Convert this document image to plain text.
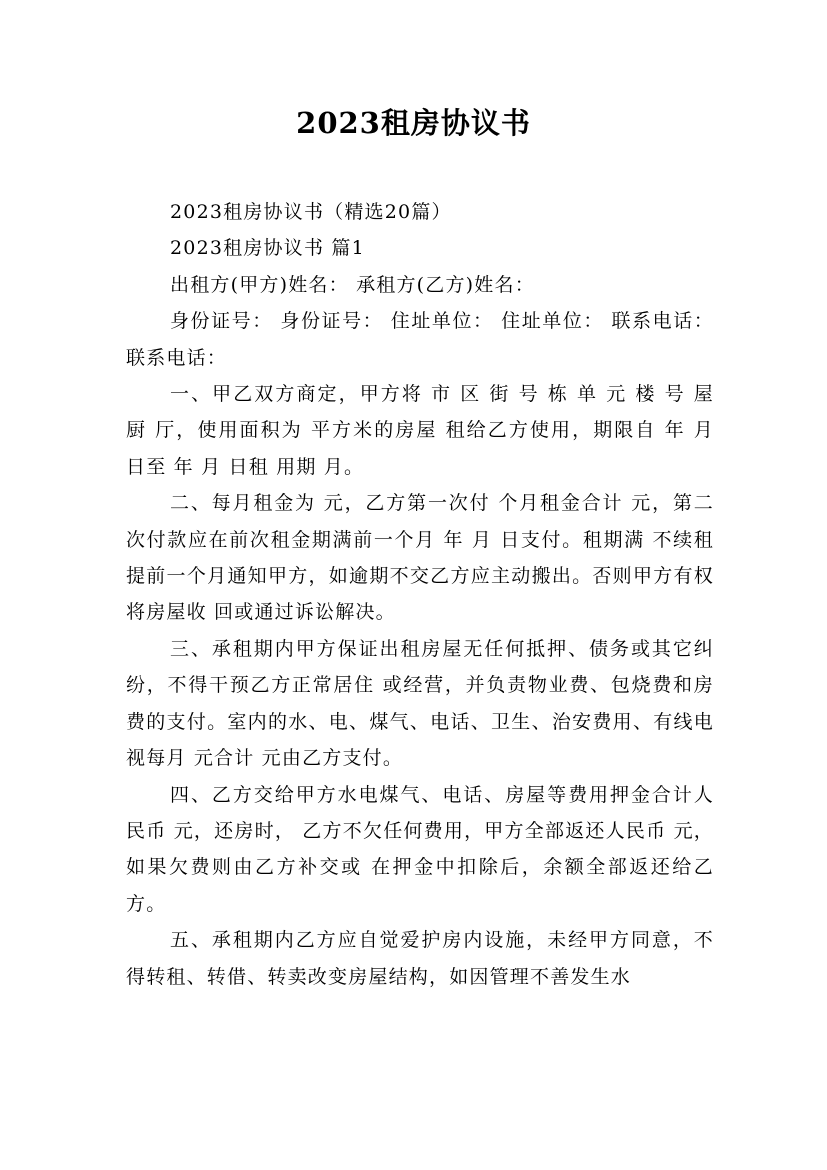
2023租房协议书

2023租房协议书（精选20篇）

2023租房协议书 篇1

出租方(甲方)姓名： 承租方(乙方)姓名：

身份证号： 身份证号： 住址单位： 住址单位： 联系电话： 联系电话：

一、甲乙双方商定，甲方将 市 区 街 号 栋 单 元 楼 号 屋 厨 厅，使用面积为 平方米的房屋 租给乙方使用，期限自 年 月 日至 年 月 日租 用期 月。

二、每月租金为 元，乙方第一次付 个月租金合计 元，第二次付款应在前次租金期满前一个月 年 月 日支付。租期满 不续租提前一个月通知甲方，如逾期不交乙方应主动搬出。否则甲方有权将房屋收 回或通过诉讼解决。

三、承租期内甲方保证出租房屋无任何抵押、债务或其它纠纷，不得干预乙方正常居住 或经营，并负责物业费、包烧费和房费的支付。室内的水、电、煤气、电话、卫生、治安费用、有线电视每月 元合计 元由乙方支付。

四、乙方交给甲方水电煤气、电话、房屋等费用押金合计人民币 元，还房时， 乙方不欠任何费用，甲方全部返还人民币 元，如果欠费则由乙方补交或 在押金中扣除后，余额全部返还给乙方。

五、承租期内乙方应自觉爱护房内设施，未经甲方同意，不得转租、转借、转卖改变房屋结构，如因管理不善发生水
